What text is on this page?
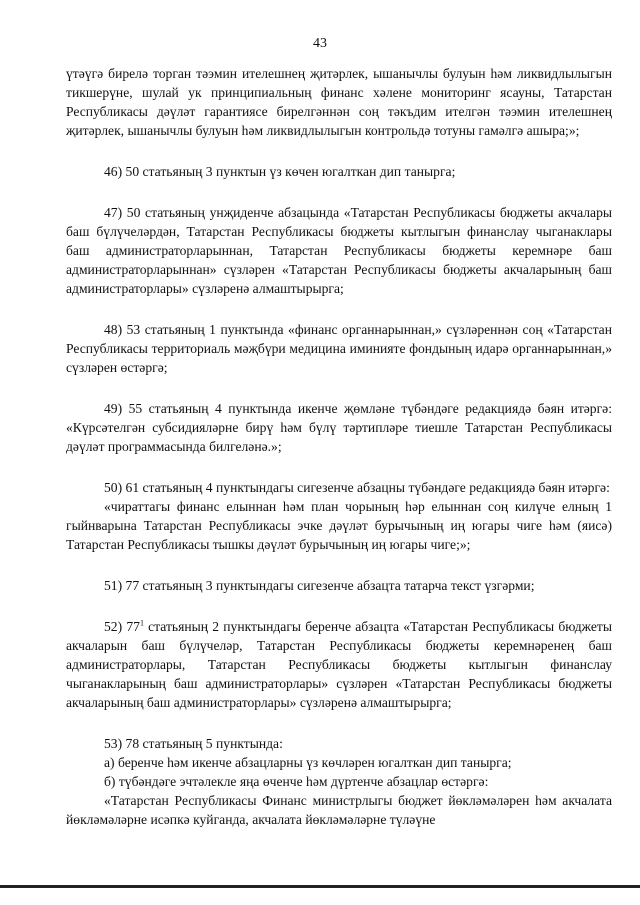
43

үтәүгә бирелә торган тәэмин ителешнең җитәрлек, ышанычлы булуын һәм ликвидлылыгын тикшерүне, шулай ук принципиальның финанс хәлене мониторинг ясауны, Татарстан Республикасы дәүләт гарантиясе бирелгәннән соң тәкъдим ителгән тәэмин ителешнең җитәрлек, ышанычлы булуын һәм ликвидлылыгын контрольдә тотуны гамәлгә ашыра;»;

46) 50 статьяның 3 пунктын үз көчен югалткан дип танырга;

47) 50 статьяның унҗиденче абзацында «Татарстан Республикасы бюджеты акчалары баш бүлүчеләрдән, Татарстан Республикасы бюджеты кытлыгын финанслау чыганаклары баш администраторларыннан, Татарстан Республикасы бюджеты керемнәре баш администраторларыннан» сүзләрен «Татарстан Республикасы бюджеты акчаларының баш администраторлары» сүзләренә алмаштырырга;

48) 53 статьяның 1 пунктында «финанс органнарыннан,» сүзләреннән соң «Татарстан Республикасы территориаль мәҗбүри медицина иминияте фондының идарә органнарыннан,» сүзләрен өстәргә;

49) 55 статьяның 4 пунктында икенче җөмләне түбәндәге редакциядә бәян итәргә: «Күрсәтелгән субсидияләрне бирү һәм бүлү тәртипләре тиешле Татарстан Республикасы дәүләт программасында билгеләнә.»;

50) 61 статьяның 4 пунктындагы сигезенче абзацны түбәндәге редакциядә бәян итәргә:

«чираттагы финанс елыннан һәм план чорының һәр елыннан соң килүче елның 1 гыйнварына Татарстан Республикасы эчке дәүләт бурычының иң югары чиге һәм (яисә) Татарстан Республикасы тышкы дәүләт бурычының иң югары чиге;»;

51) 77 статьяның 3 пунктындагы сигезенче абзацта татарча текст үзгәрми;

52) $77^1$ статьяның 2 пунктындагы беренче абзацта «Татарстан Республикасы бюджеты акчаларын баш бүлүчеләр, Татарстан Республикасы бюджеты керемнәренең баш администраторлары, Татарстан Республикасы бюджеты кытлыгын финанслау чыганакларының баш администраторлары» сүзләрен «Татарстан Республикасы бюджеты акчаларының баш администраторлары» сүзләренә алмаштырырга;

53) 78 статьяның 5 пунктында:

а) беренче һәм икенче абзацларны үз көчләрен югалткан дип танырга;

б) түбәндәге эчтәлекле яңа өченче һәм дүртенче абзацлар өстәргә:

«Татарстан Республикасы Финанс министрлыгы бюджет йөкләмәләрен һәм акчалата йөкләмәләрне исәпкә куйганда, акчалата йөкләмәләрне түләүне
